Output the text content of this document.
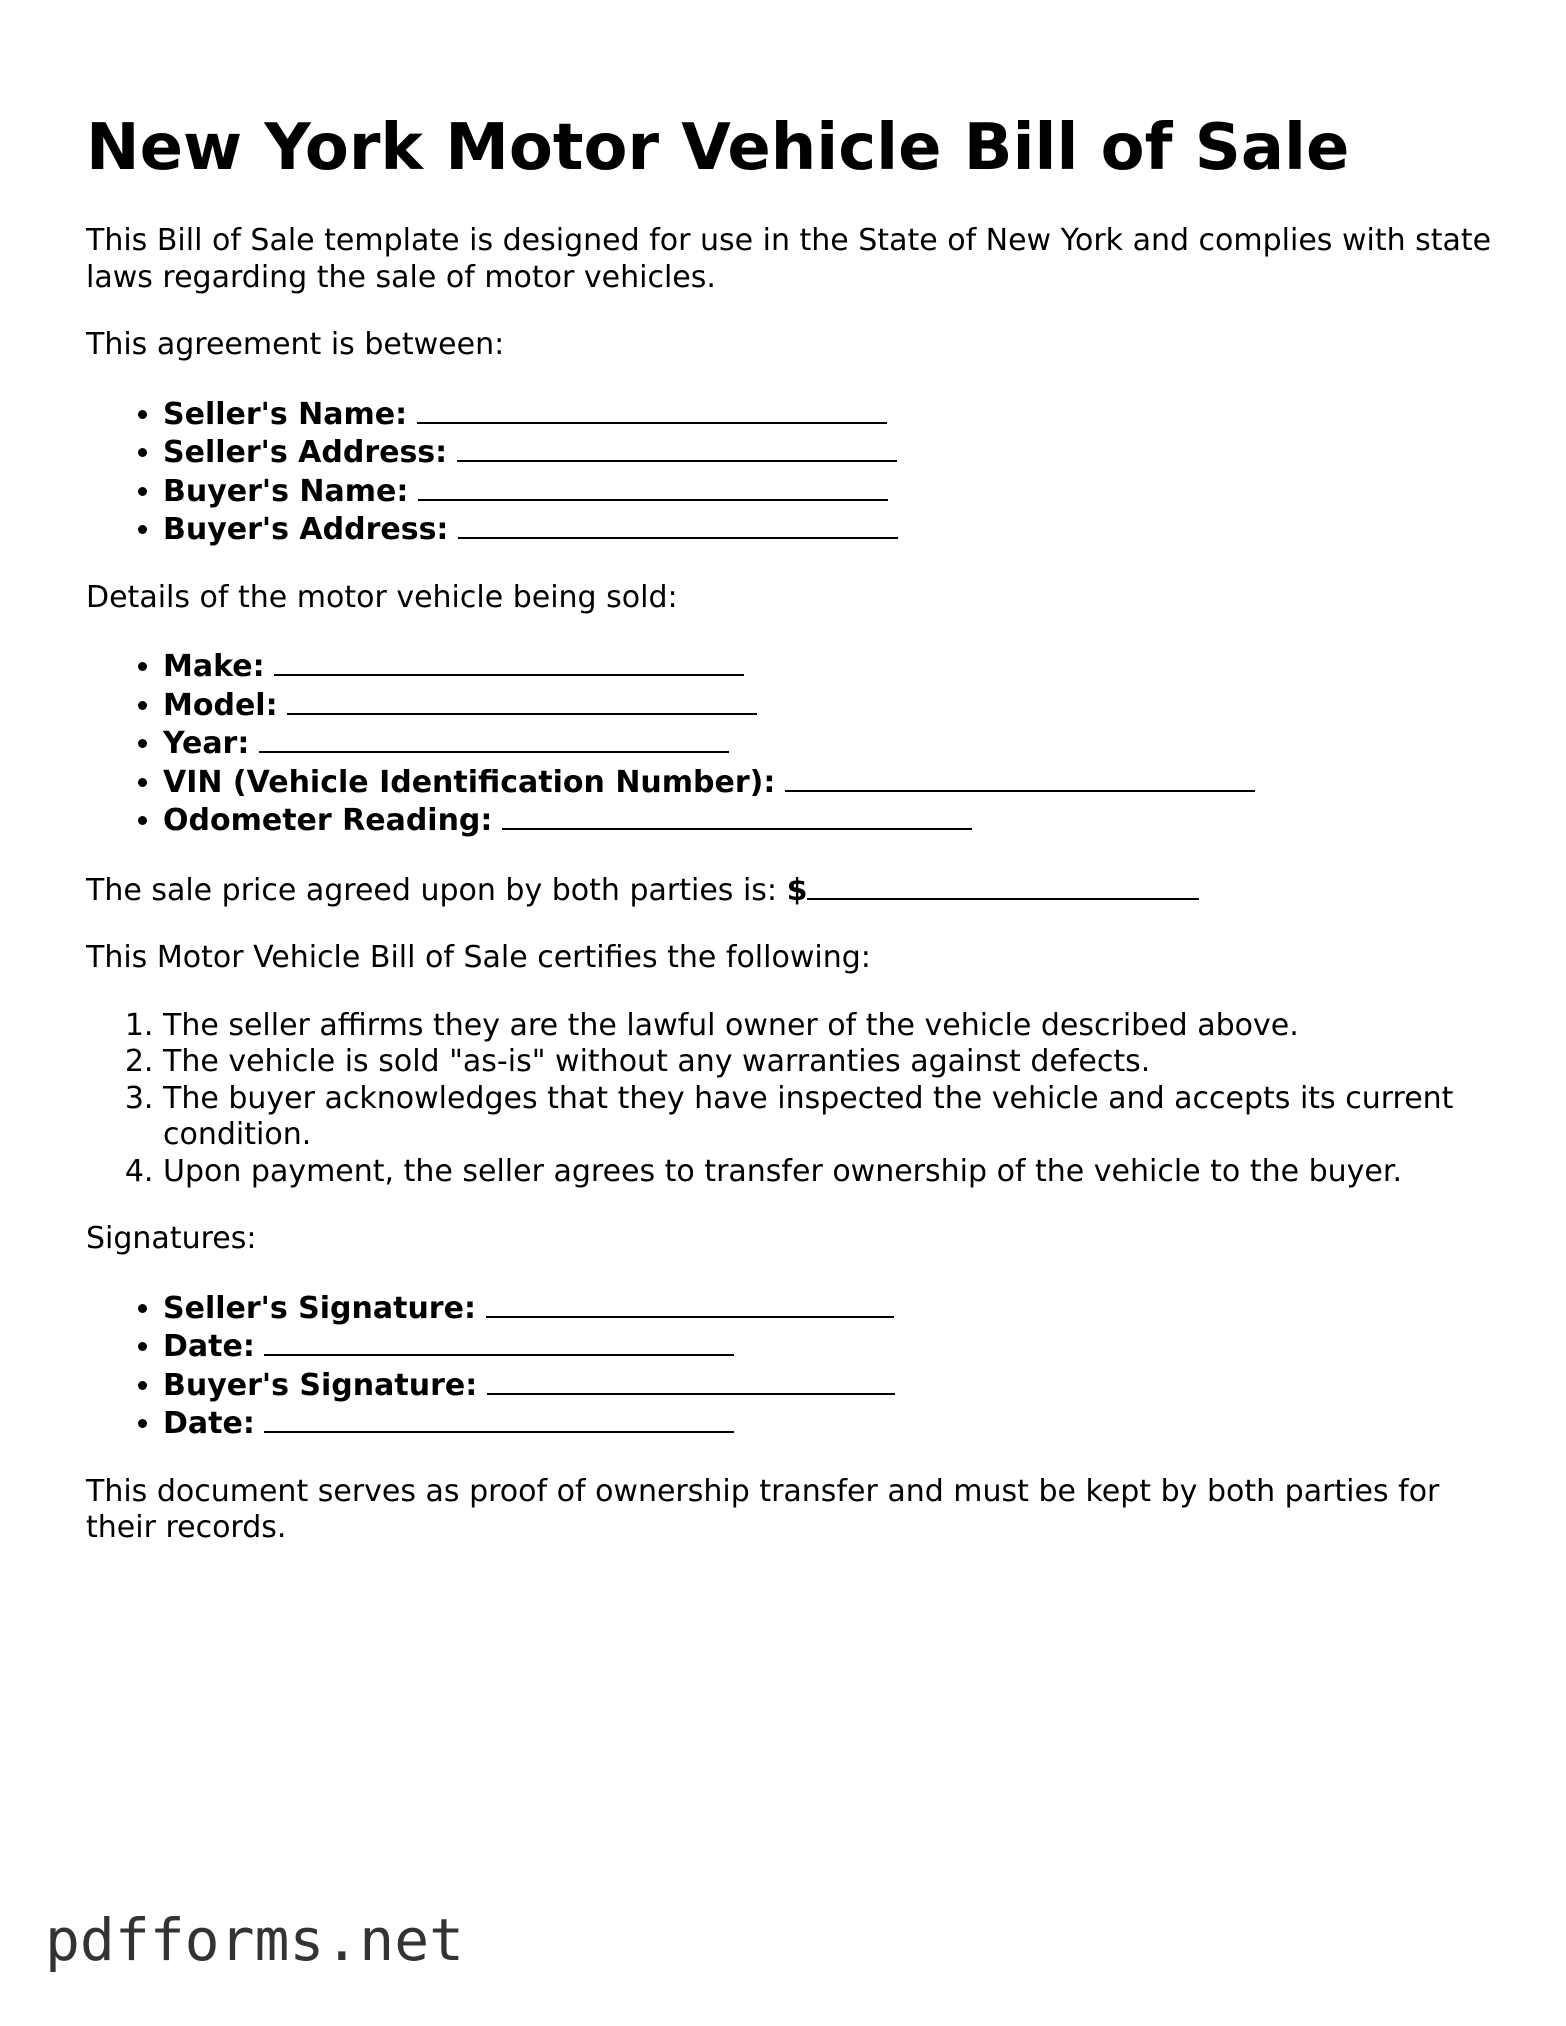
New York Motor Vehicle Bill of Sale

This Bill of Sale template is designed for use in the State of New York and complies with state laws regarding the sale of motor vehicles.

This agreement is between:

• Seller's Name:
• Seller's Address:
• Buyer's Name:
• Buyer's Address:

Details of the motor vehicle being sold:

• Make:
• Model:
• Year:
• VIN (Vehicle Identification Number):
• Odometer Reading:

The sale price agreed upon by both parties is: $

This Motor Vehicle Bill of Sale certifies the following:

1. The seller affirms they are the lawful owner of the vehicle described above.
2. The vehicle is sold "as-is" without any warranties against defects.
3. The buyer acknowledges that they have inspected the vehicle and accepts its current condition.
4. Upon payment, the seller agrees to transfer ownership of the vehicle to the buyer.

Signatures:

• Seller's Signature:
• Date:
• Buyer's Signature:
• Date:

This document serves as proof of ownership transfer and must be kept by both parties for their records.

pdfforms.net
